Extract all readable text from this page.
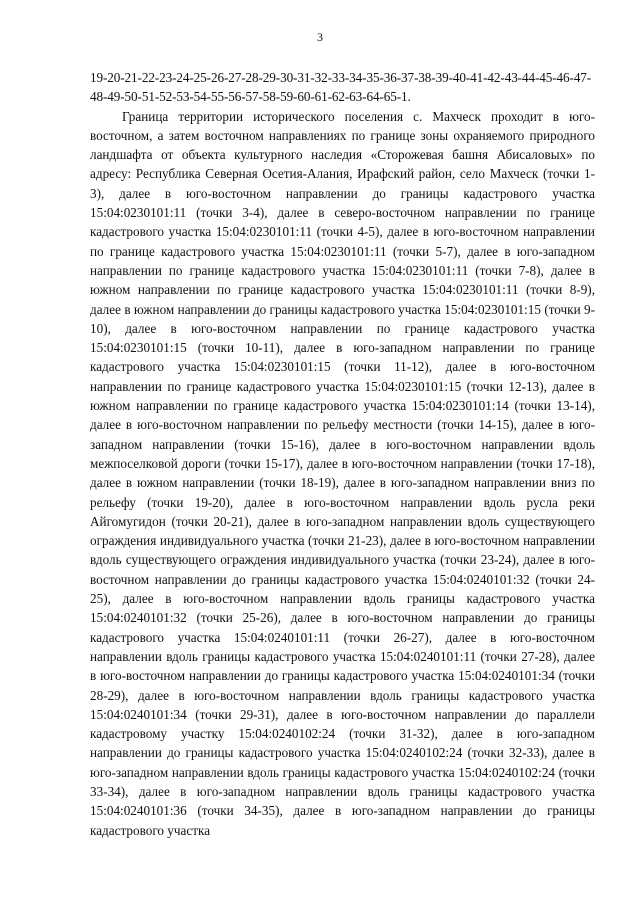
3

19-20-21-22-23-24-25-26-27-28-29-30-31-32-33-34-35-36-37-38-39-40-41-42-43-44-45-46-47-48-49-50-51-52-53-54-55-56-57-58-59-60-61-62-63-64-65-1.

Граница территории исторического поселения с. Махческ проходит в юго-восточном, а затем восточном направлениях по границе зоны охраняемого природного ландшафта от объекта культурного наследия «Сторожевая башня Абисаловых» по адресу: Республика Северная Осетия-Алания, Ирафский район, село Махческ (точки 1-3), далее в юго-восточном направлении до границы кадастрового участка 15:04:0230101:11 (точки 3-4), далее в северо-восточном направлении по границе кадастрового участка 15:04:0230101:11 (точки 4-5), далее в юго-восточном направлении по границе кадастрового участка 15:04:0230101:11 (точки 5-7), далее в юго-западном направлении по границе кадастрового участка 15:04:0230101:11 (точки 7-8), далее в южном направлении по границе кадастрового участка 15:04:0230101:11 (точки 8-9), далее в южном направлении до границы кадастрового участка 15:04:0230101:15 (точки 9-10), далее в юго-восточном направлении по границе кадастрового участка 15:04:0230101:15 (точки 10-11), далее в юго-западном направлении по границе кадастрового участка 15:04:0230101:15 (точки 11-12), далее в юго-восточном направлении по границе кадастрового участка 15:04:0230101:15 (точки 12-13), далее в южном направлении по границе кадастрового участка 15:04:0230101:14 (точки 13-14), далее в юго-восточном направлении по рельефу местности (точки 14-15), далее в юго-западном направлении (точки 15-16), далее в юго-восточном направлении вдоль межпоселковой дороги (точки 15-17), далее в юго-восточном направлении (точки 17-18), далее в южном направлении (точки 18-19), далее в юго-западном направлении вниз по рельефу (точки 19-20), далее в юго-восточном направлении вдоль русла реки Айгомугидон (точки 20-21), далее в юго-западном направлении вдоль существующего ограждения индивидуального участка (точки 21-23), далее в юго-восточном направлении вдоль существующего ограждения индивидуального участка (точки 23-24), далее в юго-восточном направлении до границы кадастрового участка 15:04:0240101:32 (точки 24-25), далее в юго-восточном направлении вдоль границы кадастрового участка 15:04:0240101:32 (точки 25-26), далее в юго-восточном направлении до границы кадастрового участка 15:04:0240101:11 (точки 26-27), далее в юго-восточном направлении вдоль границы кадастрового участка 15:04:0240101:11 (точки 27-28), далее в юго-восточном направлении до границы кадастрового участка 15:04:0240101:34 (точки 28-29), далее в юго-восточном направлении вдоль границы кадастрового участка 15:04:0240101:34 (точки 29-31), далее в юго-восточном направлении до параллели кадастровому участку 15:04:0240102:24 (точки 31-32), далее в юго-западном направлении до границы кадастрового участка 15:04:0240102:24 (точки 32-33), далее в юго-западном направлении вдоль границы кадастрового участка 15:04:0240102:24 (точки 33-34), далее в юго-западном направлении вдоль границы кадастрового участка 15:04:0240101:36 (точки 34-35), далее в юго-западном направлении до границы кадастрового участка
